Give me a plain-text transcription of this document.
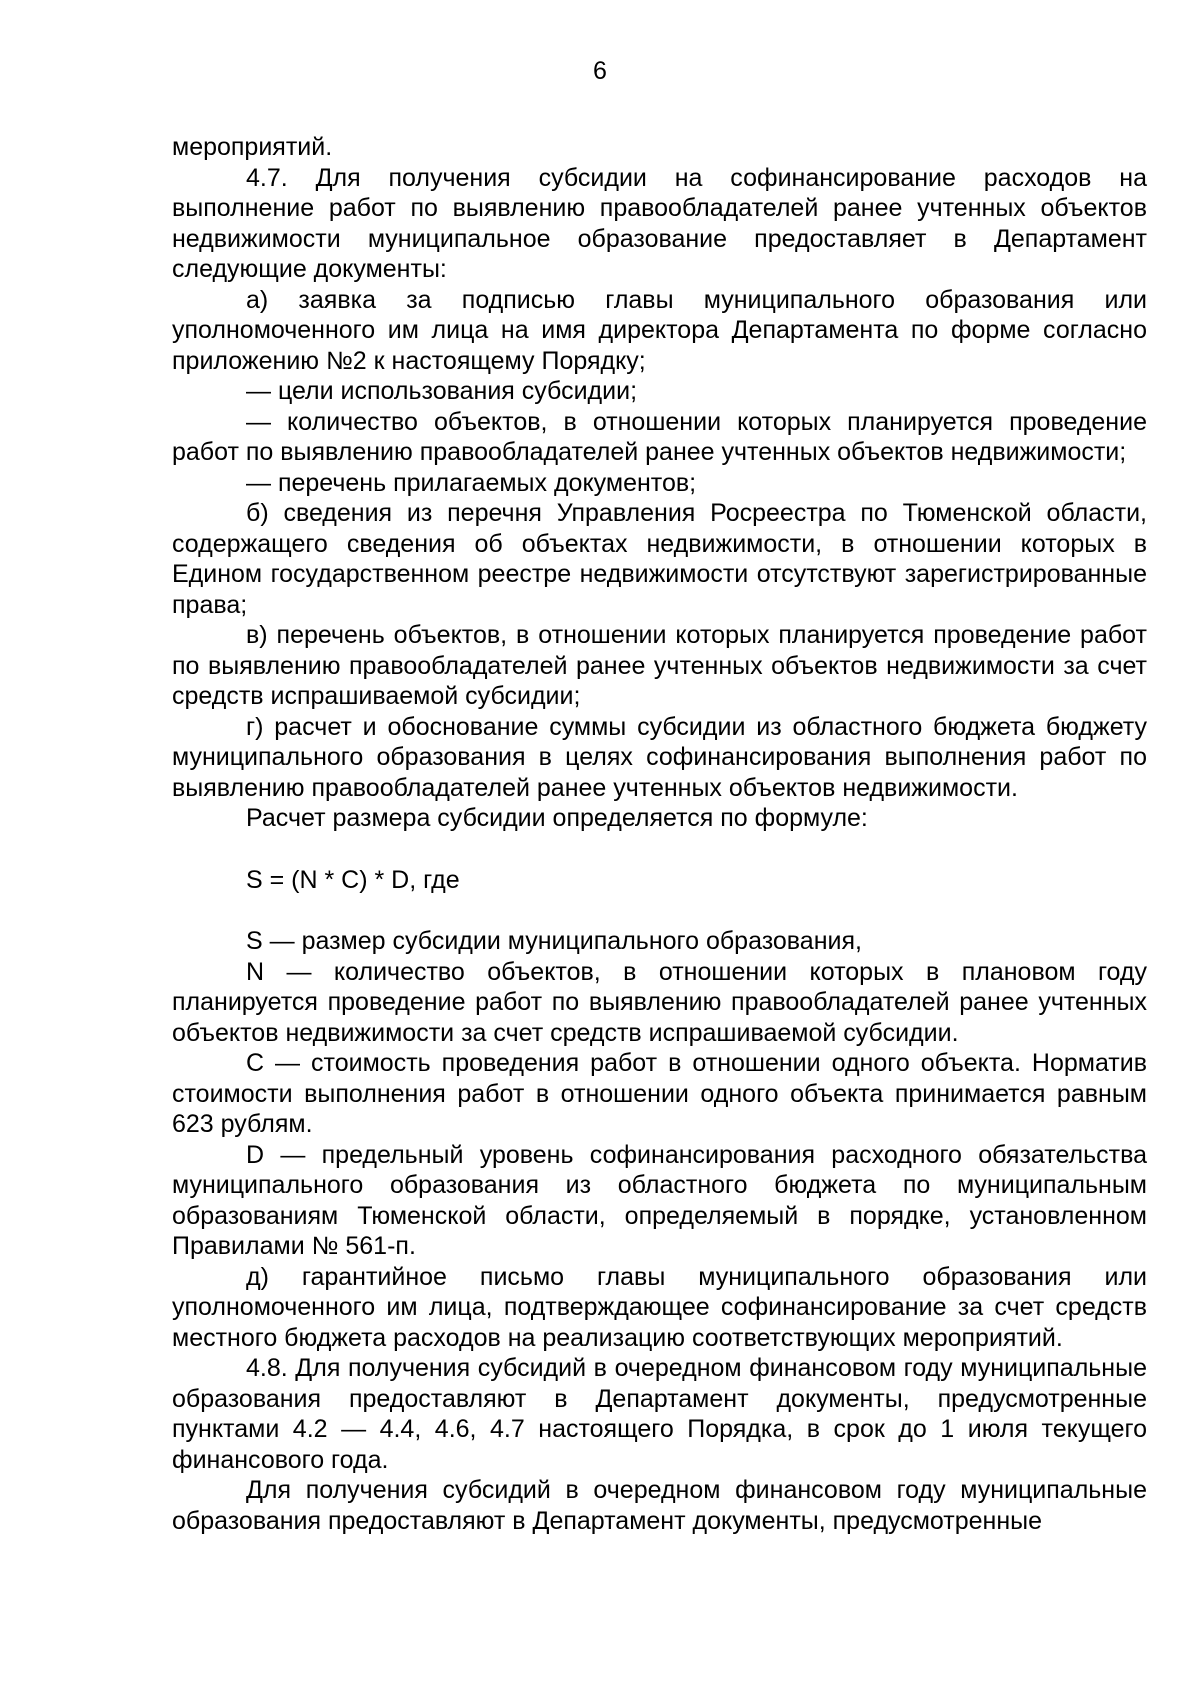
6

мероприятий.

4.7. Для получения субсидии на софинансирование расходов на выполнение работ по выявлению правообладателей ранее учтенных объектов недвижимости муниципальное образование предоставляет в Департамент следующие документы:

а) заявка за подписью главы муниципального образования или уполномоченного им лица на имя директора Департамента по форме согласно приложению №2 к настоящему Порядку;

— цели использования субсидии;

— количество объектов, в отношении которых планируется проведение работ по выявлению правообладателей ранее учтенных объектов недвижимости;

— перечень прилагаемых документов;

б) сведения из перечня Управления Росреестра по Тюменской области, содержащего сведения об объектах недвижимости, в отношении которых в Едином государственном реестре недвижимости отсутствуют зарегистрированные права;

в) перечень объектов, в отношении которых планируется проведение работ по выявлению правообладателей ранее учтенных объектов недвижимости за счет средств испрашиваемой субсидии;

г) расчет и обоснование суммы субсидии из областного бюджета бюджету муниципального образования в целях софинансирования выполнения работ по выявлению правообладателей ранее учтенных объектов недвижимости.

Расчет размера субсидии определяется по формуле:

S = (N * C) * D, где

S — размер субсидии муниципального образования,

N — количество объектов, в отношении которых в плановом году планируется проведение работ по выявлению правообладателей ранее учтенных объектов недвижимости за счет средств испрашиваемой субсидии.

C — стоимость проведения работ в отношении одного объекта. Норматив стоимости выполнения работ в отношении одного объекта принимается равным 623 рублям.

D — предельный уровень софинансирования расходного обязательства муниципального образования из областного бюджета по муниципальным образованиям Тюменской области, определяемый в порядке, установленном Правилами № 561-п.

д) гарантийное письмо главы муниципального образования или уполномоченного им лица, подтверждающее софинансирование за счет средств местного бюджета расходов на реализацию соответствующих мероприятий.

4.8. Для получения субсидий в очередном финансовом году муниципальные образования предоставляют в Департамент документы, предусмотренные пунктами 4.2 — 4.4, 4.6, 4.7 настоящего Порядка, в срок до 1 июля текущего финансового года.

Для получения субсидий в очередном финансовом году муниципальные образования предоставляют в Департамент документы, предусмотренные
